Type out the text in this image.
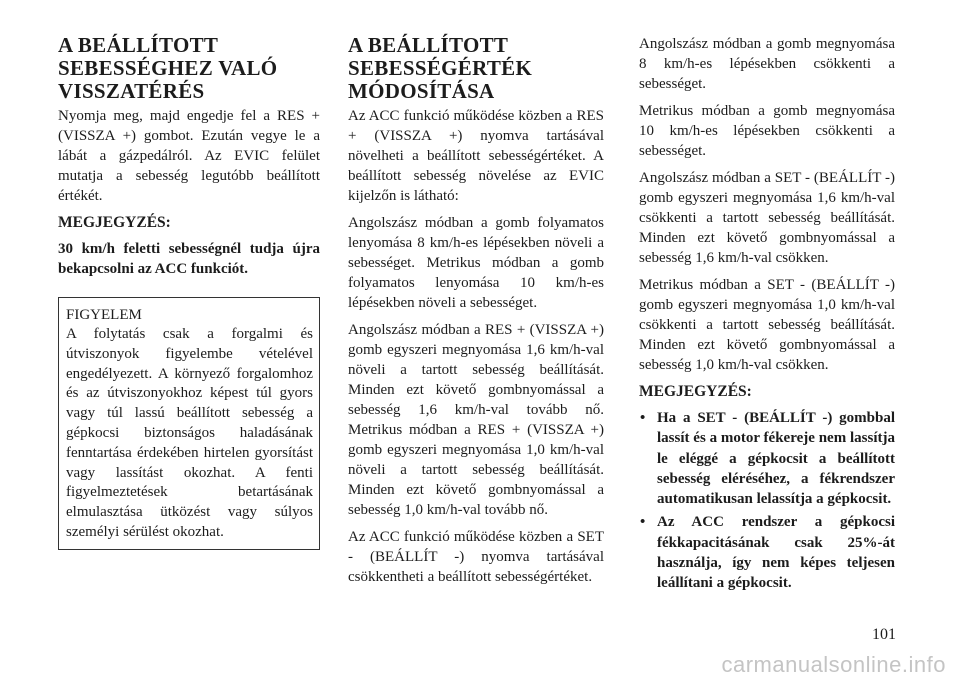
A BEÁLLÍTOTT SEBESSÉGHEZ VALÓ VISSZATÉRÉS

Nyomja meg, majd engedje fel a RES + (VISSZA +) gombot. Ezután vegye le a lábát a gázpedálról. Az EVIC felület mutatja a sebesség legutóbb beállított értékét.

MEGJEGYZÉS:

30 km/h feletti sebességnél tudja újra bekapcsolni az ACC funkciót.

FIGYELEM
A folytatás csak a forgalmi és útviszonyok figyelembe vételével engedélyezett. A környező forgalomhoz és az útviszonyokhoz képest túl gyors vagy túl lassú beállított sebesség a gépkocsi biztonságos haladásának fenntartása érdekében hirtelen gyorsítást vagy lassítást okozhat. A fenti figyelmeztetések betartásának elmulasztása ütközést vagy súlyos személyi sérülést okozhat.
A BEÁLLÍTOTT SEBESSÉGÉRTÉK MÓDOSÍTÁSA

Az ACC funkció működése közben a RES + (VISSZA +) nyomva tartásával növelheti a beállított sebességértéket. A beállított sebesség növelése az EVIC kijelzőn is látható:

Angolszász módban a gomb folyamatos lenyomása 8 km/h-es lépésekben növeli a sebességet. Metrikus módban a gomb folyamatos lenyomása 10 km/h-es lépésekben növeli a sebességet.

Angolszász módban a RES + (VISSZA +) gomb egyszeri megnyomása 1,6 km/h-val növeli a tartott sebesség beállítását. Minden ezt követő gombnyomással a sebesség 1,6 km/h-val tovább nő. Metrikus módban a RES + (VISSZA +) gomb egyszeri megnyomása 1,0 km/h-val növeli a tartott sebesség beállítását. Minden ezt követő gombnyomással a sebesség 1,0 km/h-val tovább nő.

Az ACC funkció működése közben a SET - (BEÁLLÍT -) nyomva tartásával csökkentheti a beállított sebességértéket.

Angolszász módban a gomb megnyomása 8 km/h-es lépésekben csökkenti a sebességet.

Metrikus módban a gomb megnyomása 10 km/h-es lépésekben csökkenti a sebességet.

Angolszász módban a SET - (BEÁLLÍT -) gomb egyszeri megnyomása 1,6 km/h-val csökkenti a tartott sebesség beállítását. Minden ezt követő gombnyomással a sebesség 1,6 km/h-val csökken.

Metrikus módban a SET - (BEÁLLÍT -) gomb egyszeri megnyomása 1,0 km/h-val csökkenti a tartott sebesség beállítását. Minden ezt követő gombnyomással a sebesség 1,0 km/h-val csökken.

MEGJEGYZÉS:
• Ha a SET - (BEÁLLÍT -) gombbal lassít és a motor fékereje nem lassítja le eléggé a gépkocsit a beállított sebesség eléréséhez, a fékrendszer automatikusan lelassítja a gépkocsit.
• Az ACC rendszer a gépkocsi fékkapacitásának csak 25%-át használja, így nem képes teljesen leállítani a gépkocsit.
101
carmanualsonline.info
